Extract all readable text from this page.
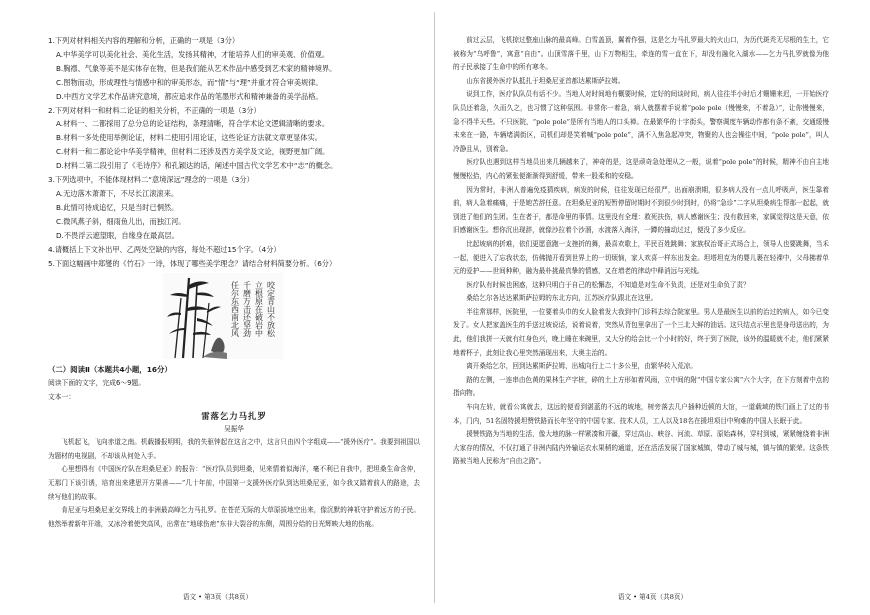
1.下列对材料相关内容的理解和分析，正确的一项是（3分）

A.中华美学可以美化社会、美化生活，发扬其精神，才能培养人们的审美观、价值观。

B.胸襟、气象等美不是实体存在物，但是我们能从艺术作品中感受到艺术家的精神境界。

C.图物而动，形成理性与情感中和的审美形态，而“情”与“理”并重才符合审美规律。

D.中西方文学艺术作品讲究意境，都应追求作品的笔墨形式和精神兼备的美学品格。

2.下列对材料一和材料二论证的相关分析，不正确的一项是（3分）

A.材料一、二都採用了总分总的论证结构，条理清晰，符合学术论文逻辑清晰的要求。

B.材料一多处使用举例论证，材料二使用引用论证，这些论证方法就文章更显体实。

C.材料一和二都论论中华美学精神，但材料二还涉及西方美学及文论，视野更加广阔。

D.材料二第二段引用了《毛诗序》和孔颖达的话，阐述中国古代文学艺术中“志”的概念。

3.下列选项中，不能体现材料二“意境深远”理念的一项是（3分）

A.无边落木萧萧下，不尽长江滚滚来。

B.此情可待成追忆，只是当时已惘然。

C.微风燕子斜，细雨鱼儿出，而独江河。

D.不畏浮云遮望眼，自缘身在最高层。

4.请概括上下文补出甲、乙两处空缺的内容，每处不超过15个字。（4分）

5.下面这幅画中郑燮的《竹石》一诗，体现了哪些美学理念？请结合材料简要分析。（6分）

咬定青山不放松
立根原在破岩中
千磨万击还坚劲
任尔东西南北风

（二）阅读Ⅱ（本题共4小题，16分）

阅读下面的文字，完成6～9题。

文本一：

雷落乞力马扎罗

吴振华

飞机起飞，飞向赤道之南。机载播报明明，我的失驱钟起在这言之中，这言只由四个字组成——“援外医疗”。我要到祖国以为题材的电视剧，不却该从何处入手。

心里想得有《中国医疗队在坦桑尼亚》的报告：“医疗队员到坦桑，见来情着似海洋，毫不利已自我中，把坦桑生命含仲，无那门下该引诱，培育出来建思开方果善——”几十年前，中国第一支援外医疗队到达坦桑尼亚，如今我又踏着前人的路途，去续写他们的故事。

肯尼亚与坦桑尼亚交界线上的非洲最高峰乞力马扎罗。在苍茫无际的大草原拔地空出来，像沉默的神祇守护着远方的子民。他然举着新年开端，又冰冷着使突高风，出常在“地球伤疤”东非大裂谷的东侧，周围分给的日光辉映大地的伤痕。

语文 • 第3页（共8页）

前过云层，飞机掠过整座山脉的最高峰。白雪盖顶，翼着作强，这是乞力马扎罗最大的火山口，为历代斑秃无尽根的生土，它被称为“乌呼鲁”，寓意“自由”。山顶雪落千里，山下万物相生，牵连的雪一直在下，却没有融化入湖水——乞力马扎罗就像为他的子民承接了生命中的所有寒冬。

山东省援外医疗队抵扎于坦桑尼亚首都达累斯萨拉姆。

说到工作，医疗队队员有话不少。当地人对时间地有概要时候，定好的间谈时间，病人往往半小时后才姗姗来迟，一开始医疗队员还着急，久而久之，也习惯了这种氛围。非常你一着急，病人就摆着手说着“pole pole（慢慢来，不着急）”，让你慢慢来，急不得半天些。不只医院，“pole pole”是所有当地人的口头禅。在最繁华的十字街头，警察调度车辆动作都有条不紊，交通缓慢未来在一路，车辆堵满街区，司机们却是笑着喊“pole pole”，满不入焦急起冲突，物聚的人也会操往中间，“pole pole”，叫人冷静且从，别着急。

医疗队也遇到这样当地员出来几辆越来了，神奇的是，这是顽奇急处理从之一般，说着“pole pole”的时候，精神不由自主地慢慢松拾，内心的紧张便渐渐得到舒缓，带来一股柔和的安稳。

因为常时，非洲人普遍免疫猜疾病，病发的时候，往往发现已经很严，出面崩溃期，很多病人没有一点儿呼吸声，医生靠着前，病人急着痛痛，于是她苦辞任意。在坦桑尼亚的短暂停留时期时不到很少时到时，仍将“急诊”二字从坦桑病生帮那一起起，就别进了他们的生团。生在者于，都是命里的事情。这里没有全理：救死扶伤，病人感谢医生；没有救回来，家属觉得这是天意，依旧感谢医生。想你沉出现辞，就像沙拉着个沙溜，水渡落入海洋，一蹲的撞动过过，便没了多少反应。

比起坡病的折难，依们更愿意跑一支挫折的舞，最喜欢歌上，平民百姓跳舞；家族权治哥正式场合上，领导人也要跳舞，当禾一起，便进入了忘我状态，仿佛抛开看到世界上的一切烦恼，家人欢喜一样东出发金。坦塔坦克为的婴儿裹在轻裸中，父母拂着单元的爱护——世间种种，融为最朴挑最真挚的情感，又在增老的律动中释消远与光线。

医疗队有时候也困惑，这种只明白于自己的松懈态，不知道是对生命不负责，还是对生命负了责？

桑给乞尔各达达累斯萨拉姆的东北方向，江苏医疗队跟北在这里。

半往常那样，医院里，一位要着头巾的女人脸着发大我到中门诊科去综合院家里。男人是最医生以前的治过的病人，如今已变发了。女人把家盖医生的手送过坡说话，说着说着，突然从背包里拿出了一个三北大鲜的油话。这只结点示里也是身母送出的，为此，他们我拼一天就有红身色兴，晚上睡在来碗里，又大分的给会比一个小时的好，终于到了医院，该外的温暖就不走，他们紧紧地着杯子，此刻让我心里突然涌现出来，大奥主治的。

离开桑给乞尔，回到达累斯萨拉姆，出城向行上二十多公里，由繁华转入荒凉。

路的左侧，一连串由色黄的果林生产字桩，碎的土上方形如着风雨，立中间的附“中国专家公寓”六个大字，在下方刻着中点的指向物。

车向左转，就看公寓就去，这远的便看到湛蓝的不远的坡地，树旁落去几户插种近顿的大馆，一道载域的铁门画上了过的书本，门内，51名固特援坦赞铁路而长年坚守的中国专家、技术人员，工人以及18名在援坦项目中殉难的中国人长眠于此。

援赞铁路为当地的生活，像大地的脉一样紧凑和开疆，穿过高山、峡谷、河流、草原、原始森林，穿村到城，紧紧缠绕着非洲大家存的情况，不仅打通了非洲内陆内外输运衣水果稍的通道，还在活活发展了国家城镇，带动了城与城，镇与镇的繁荣。这条铁路被当地人民称为“自由之路”。

语文 • 第4页（共8页）
